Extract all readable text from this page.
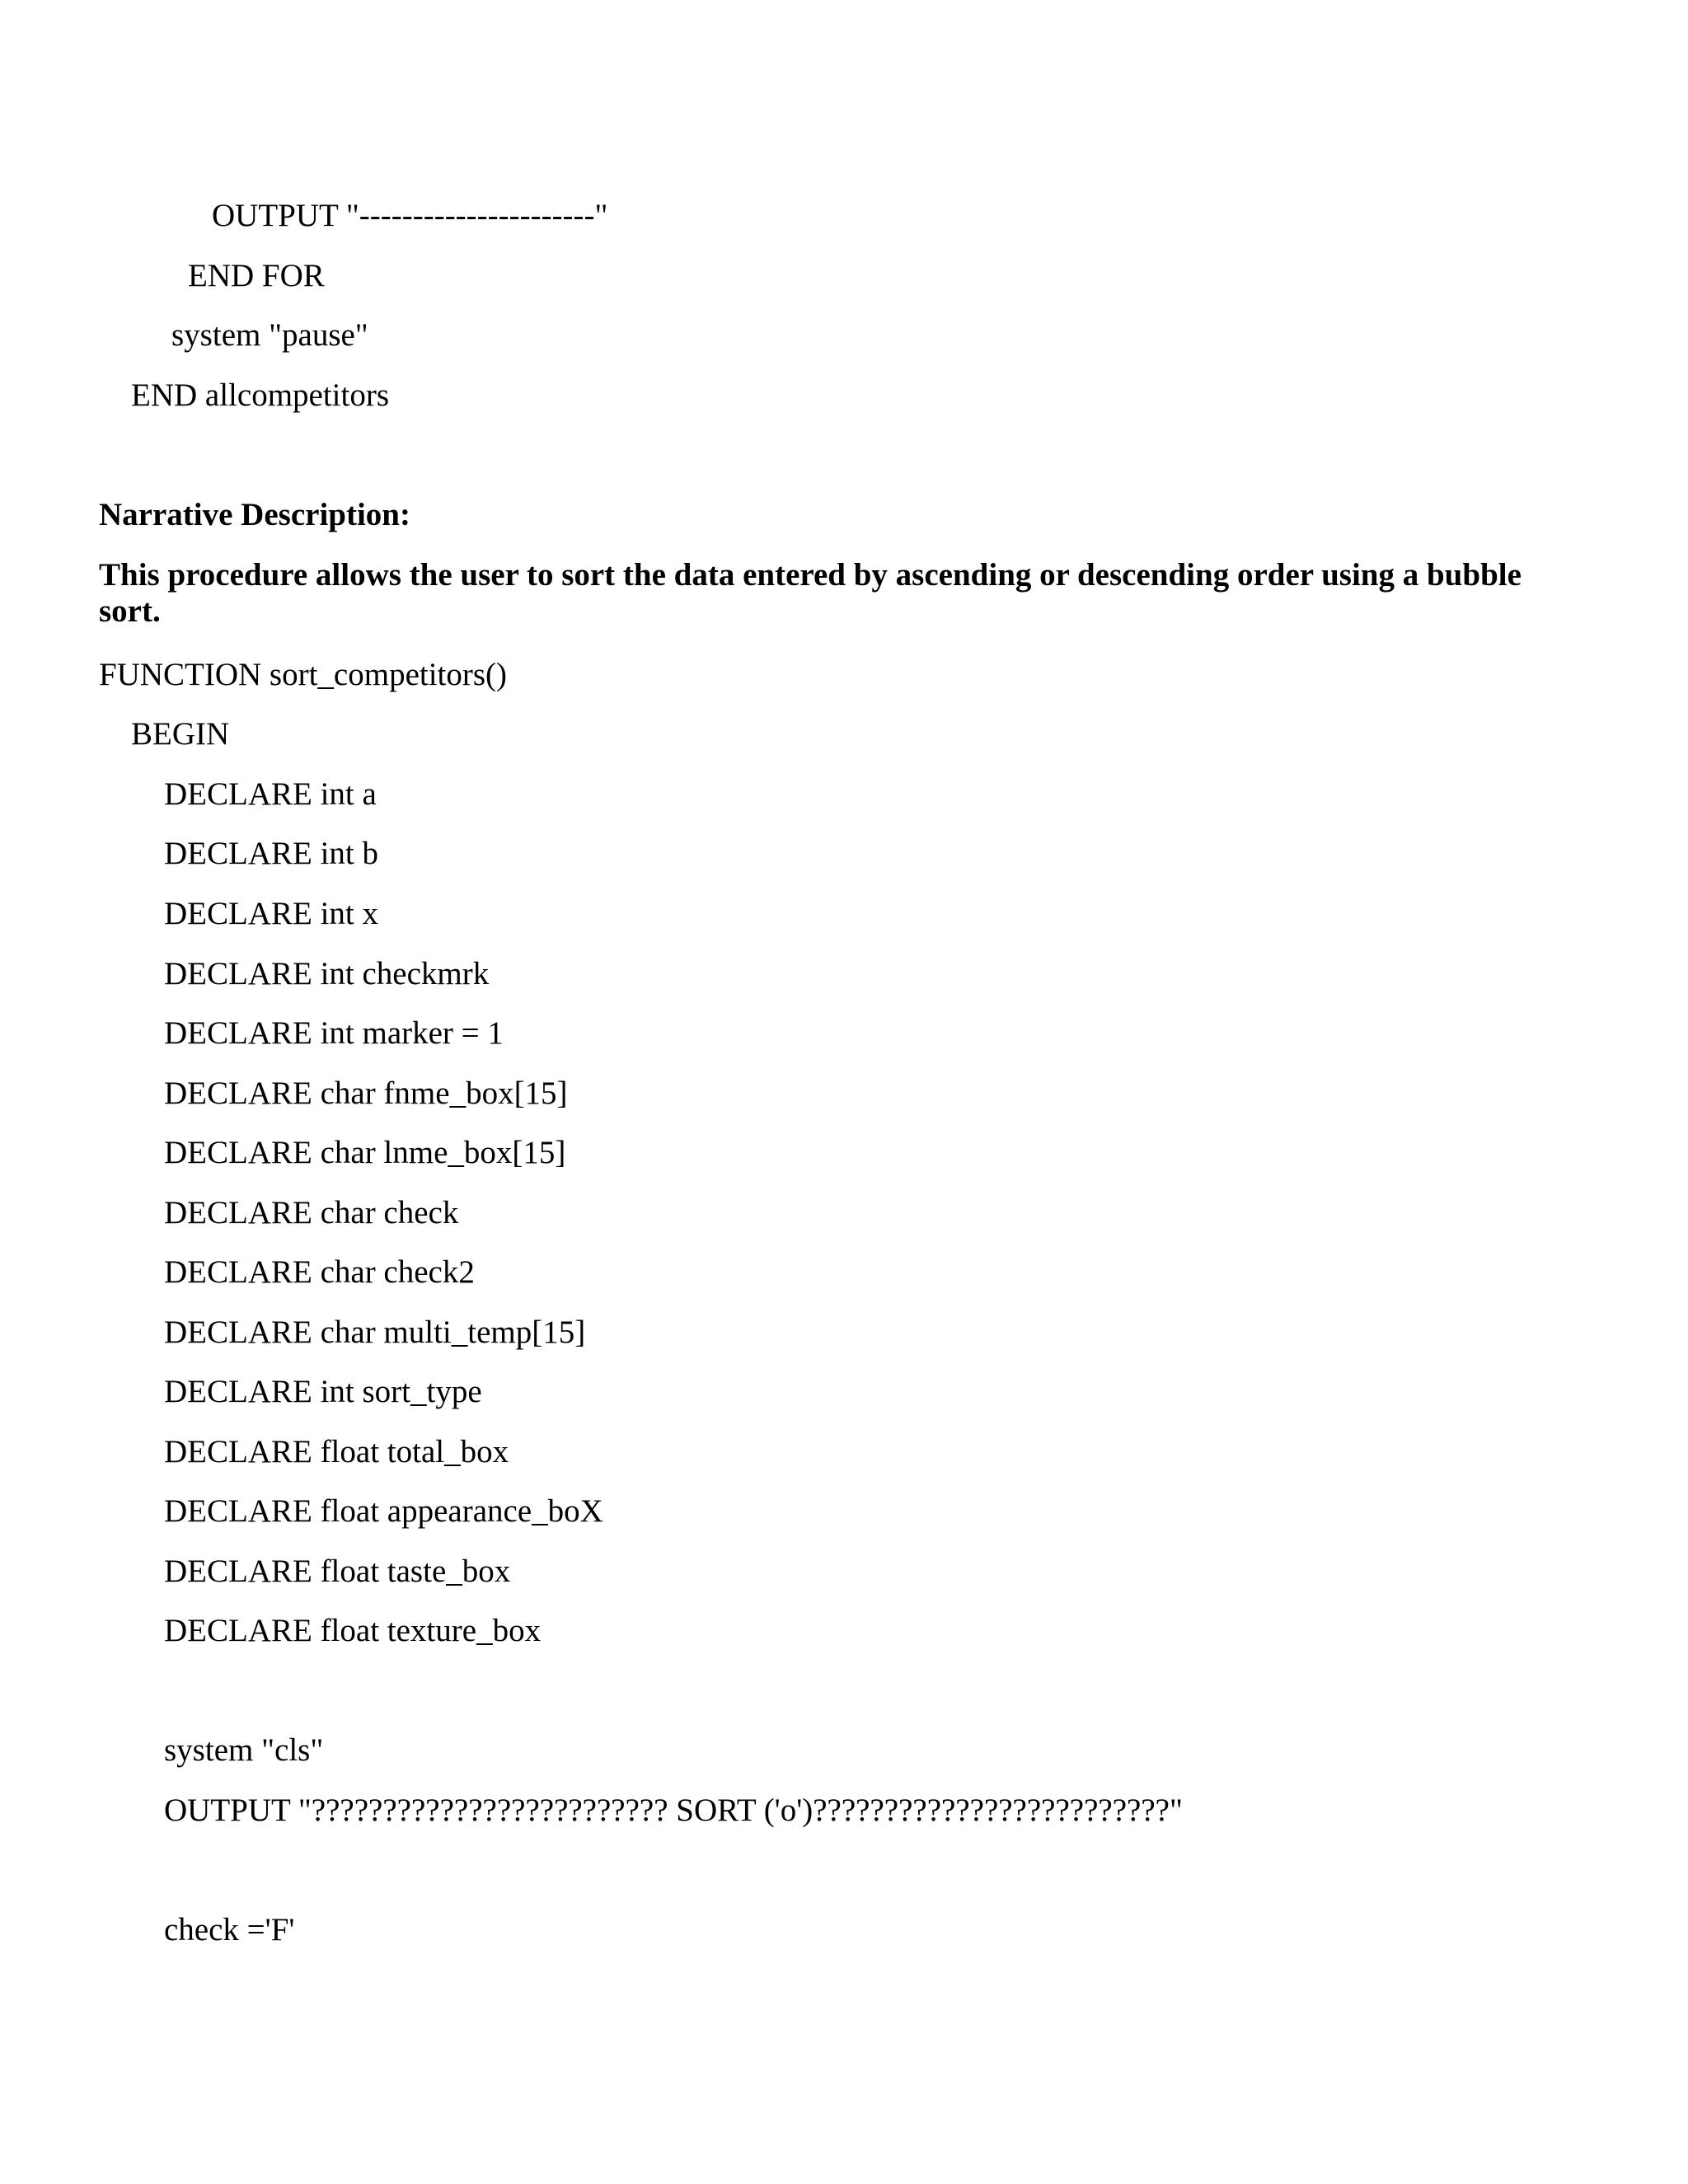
OUTPUT "----------------------"

END FOR

system "pause"

END allcompetitors

Narrative Description:

This procedure allows the user to sort the data entered by ascending or descending order using a bubble sort.

FUNCTION sort_competitors()

BEGIN

DECLARE int a

DECLARE int b

DECLARE int x

DECLARE int checkmrk

DECLARE int marker = 1

DECLARE char fnme_box[15]

DECLARE char lnme_box[15]

DECLARE char check

DECLARE char check2

DECLARE char multi_temp[15]

DECLARE int sort_type

DECLARE float total_box

DECLARE float appearance_boX

DECLARE float taste_box

DECLARE float texture_box

system "cls"

OUTPUT "????????????????????????? SORT ('o')?????????????????????????"

check ='F'
